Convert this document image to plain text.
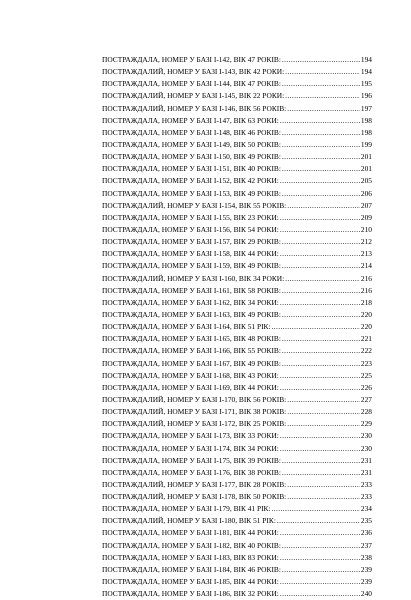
ПОСТРАЖДАЛА, НОМЕР У БАЗІ І-142, ВІК 47 РОКІВ: .....	194
ПОСТРАЖДАЛИЙ, НОМЕР У БАЗІ І-143, ВІК 42 РОКИ: .....	194
ПОСТРАЖДАЛА, НОМЕР У БАЗІ І-144, ВІК 47 РОКІВ: .....	195
ПОСТРАЖДАЛИЙ, НОМЕР У БАЗІ І-145, ВІК 22 РОКИ: .....	196
ПОСТРАЖДАЛИЙ, НОМЕР У БАЗІ І-146, ВІК 56 РОКІВ: .....	197
ПОСТРАЖДАЛА, НОМЕР У БАЗІ І-147, ВІК 63 РОКИ: .....	198
ПОСТРАЖДАЛА, НОМЕР У БАЗІ І-148, ВІК 46 РОКІВ: .....	198
ПОСТРАЖДАЛА, НОМЕР У БАЗІ І-149, ВІК 50 РОКІВ: .....	199
ПОСТРАЖДАЛА, НОМЕР У БАЗІ І-150, ВІК 49 РОКІВ: .....	201
ПОСТРАЖДАЛА, НОМЕР У БАЗІ І-151, ВІК 40 РОКІВ: .....	201
ПОСТРАЖДАЛА, НОМЕР У БАЗІ І-152, ВІК 42 РОКИ: .....	205
ПОСТРАЖДАЛА, НОМЕР У БАЗІ І-153, ВІК 49 РОКІВ: .....	206
ПОСТРАЖДАЛИЙ, НОМЕР У БАЗІ І-154, ВІК 55 РОКІВ: .....	207
ПОСТРАЖДАЛА, НОМЕР У БАЗІ І-155, ВІК 23 РОКИ: .....	209
ПОСТРАЖДАЛА, НОМЕР У БАЗІ І-156, ВІК 54 РОКИ: .....	210
ПОСТРАЖДАЛА, НОМЕР У БАЗІ І-157, ВІК 29 РОКІВ: .....	212
ПОСТРАЖДАЛА, НОМЕР У БАЗІ І-158, ВІК 44 РОКИ: .....	213
ПОСТРАЖДАЛА, НОМЕР У БАЗІ І-159, ВІК 49 РОКІВ: .....	214
ПОСТРАЖДАЛИЙ, НОМЕР У БАЗІ І-160, ВІК 34 РОКИ: .....	216
ПОСТРАЖДАЛА, НОМЕР У БАЗІ І-161, ВІК 58 РОКІВ: .....	216
ПОСТРАЖДАЛА, НОМЕР У БАЗІ І-162, ВІК 34 РОКИ: .....	218
ПОСТРАЖДАЛА, НОМЕР У БАЗІ І-163, ВІК 49 РОКІВ: .....	220
ПОСТРАЖДАЛА, НОМЕР У БАЗІ І-164, ВІК 51 РІК: .....	220
ПОСТРАЖДАЛА, НОМЕР У БАЗІ І-165, ВІК 48 РОКІВ: .....	221
ПОСТРАЖДАЛА, НОМЕР У БАЗІ І-166, ВІК 55 РОКІВ: .....	222
ПОСТРАЖДАЛА, НОМЕР У БАЗІ І-167, ВІК 49 РОКІВ: .....	223
ПОСТРАЖДАЛА, НОМЕР У БАЗІ І-168, ВІК 43 РОКИ: .....	225
ПОСТРАЖДАЛА, НОМЕР У БАЗІ І-169, ВІК 44 РОКИ: .....	226
ПОСТРАЖДАЛИЙ, НОМЕР У БАЗІ І-170, ВІК 56 РОКІВ: .....	227
ПОСТРАЖДАЛИЙ, НОМЕР У БАЗІ І-171, ВІК 38 РОКІВ: .....	228
ПОСТРАЖДАЛИЙ, НОМЕР У БАЗІ І-172, ВІК 25 РОКІВ: .....	229
ПОСТРАЖДАЛА, НОМЕР У БАЗІ І-173, ВІК 33 РОКИ: .....	230
ПОСТРАЖДАЛА, НОМЕР У БАЗІ І-174, ВІК 34 РОКИ: .....	230
ПОСТРАЖДАЛА, НОМЕР У БАЗІ І-175, ВІК 39 РОКІВ: .....	231
ПОСТРАЖДАЛА, НОМЕР У БАЗІ І-176, ВІК 38 РОКІВ: .....	231
ПОСТРАЖДАЛИЙ, НОМЕР У БАЗІ І-177, ВІК 28 РОКІВ: .....	233
ПОСТРАЖДАЛИЙ, НОМЕР У БАЗІ І-178, ВІК 50 РОКІВ: .....	233
ПОСТРАЖДАЛА, НОМЕР У БАЗІ І-179, ВІК 41 РІК: .....	234
ПОСТРАЖДАЛИЙ, НОМЕР У БАЗІ І-180, ВІК 51 РІК: .....	235
ПОСТРАЖДАЛА, НОМЕР У БАЗІ І-181, ВІК 44 РОКИ: .....	236
ПОСТРАЖДАЛА, НОМЕР У БАЗІ І-182, ВІК 40 РОКІВ: .....	237
ПОСТРАЖДАЛА, НОМЕР У БАЗІ І-183, ВІК 83 РОКИ: .....	238
ПОСТРАЖДАЛА, НОМЕР У БАЗІ І-184, ВІК 46 РОКІВ: .....	239
ПОСТРАЖДАЛА, НОМЕР У БАЗІ І-185, ВІК 44 РОКИ: .....	239
ПОСТРАЖДАЛА, НОМЕР У БАЗІ І-186, ВІК 32 РОКИ: .....	240
